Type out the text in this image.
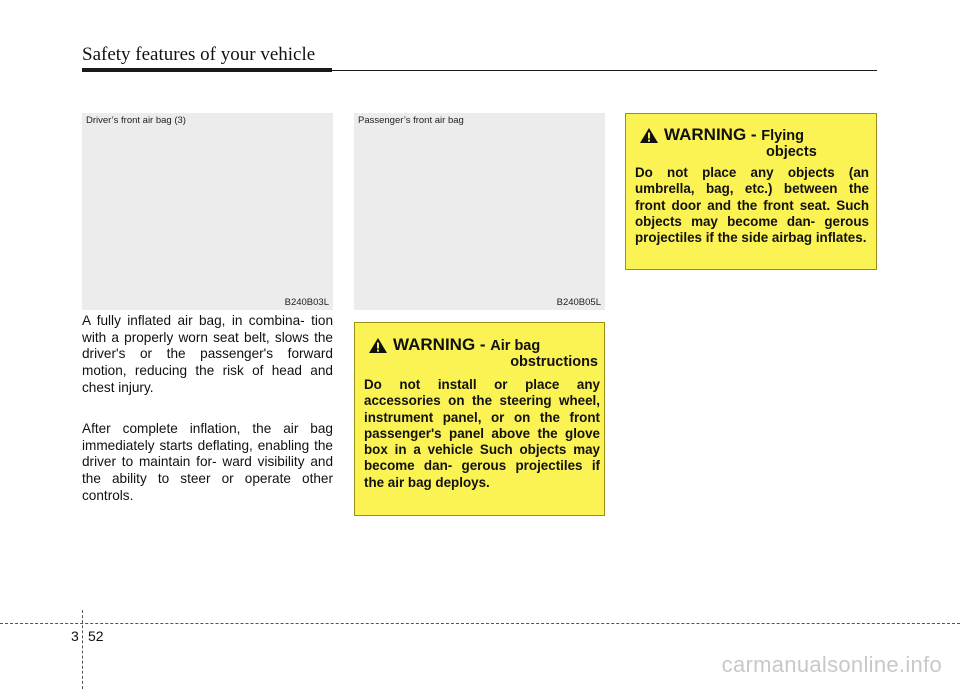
Safety features of your vehicle
Driver’s front air bag (3)
B240B03L
Passenger’s front air bag
B240B05L

A fully inflated air bag, in combina- tion with a properly worn seat belt, slows the driver's or the passenger's forward motion, reducing the risk of head and chest injury.

After complete inflation, the air bag immediately starts deflating, enabling the driver to maintain for- ward visibility and the ability to steer or operate other controls.

WARNING - Air bag
obstructions

Do not install or place any accessories on the steering wheel, instrument panel, or on the front passenger's panel above the glove box in a vehicle Such objects may become dan- gerous projectiles if the air bag deploys.

WARNING - Flying
objects

Do not place any objects (an umbrella, bag, etc.) between the front door and the front seat. Such objects may become dan- gerous projectiles if the side airbag inflates.

3 52
carmanualsonline.info
